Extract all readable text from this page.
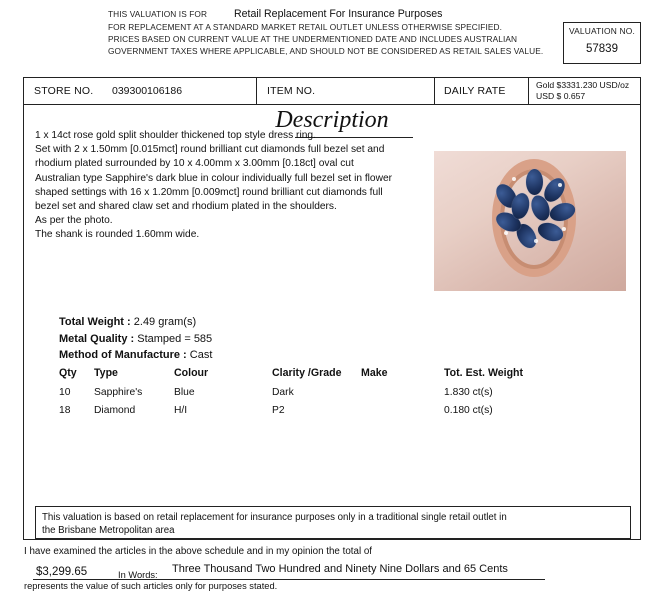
THIS VALUATION IS FOR	Retail Replacement For Insurance Purposes
FOR REPLACEMENT AT A STANDARD MARKET RETAIL OUTLET UNLESS OTHERWISE SPECIFIED.
PRICES BASED ON CURRENT VALUE AT THE UNDERMENTIONED DATE AND INCLUDES AUSTRALIAN
GOVERNMENT TAXES WHERE APPLICABLE, AND SHOULD NOT BE CONSIDERED AS RETAIL SALES VALUE.
VALUATION NO.
57839
STORE NO. 039300106186	ITEM NO.	DAILY RATE	Gold $3331.230 USD/oz
USD $ 0.657
Description

1 x 14ct rose gold split shoulder thickened top style dress ring.

Set with 2 x 1.50mm [0.015mct] round brilliant cut diamonds full bezel set and

rhodium plated surrounded by 10 x 4.00mm x 3.00mm [0.18ct] oval cut

Australian type Sapphire's dark blue in colour individually full bezel set in flower

shaped settings with 16 x 1.20mm [0.009mct] round brilliant cut diamonds full

bezel set and shared claw set and rhodium plated in the shoulders.

As per the photo.

The shank is rounded 1.60mm wide.

Total Weight : 2.49 gram(s)
Metal Quality : Stamped = 585
Method of Manufacture : Cast
Qty Type	Colour	Clarity /Grade Make	Tot. Est. Weight
10 Sapphire's	Blue	Dark	1.830 ct(s)
18 Diamond	H/I	P2	0.180 ct(s)
This valuation is based on retail replacement for insurance purposes only in a traditional single retail outlet in
the Brisbane Metropolitan area
I have examined the articles in the above schedule and in my opinion the total of
$3,299.65	In Words: Three Thousand Two Hundred and Ninety Nine Dollars and 65 Cents
represents the value of such articles only for purposes stated.
